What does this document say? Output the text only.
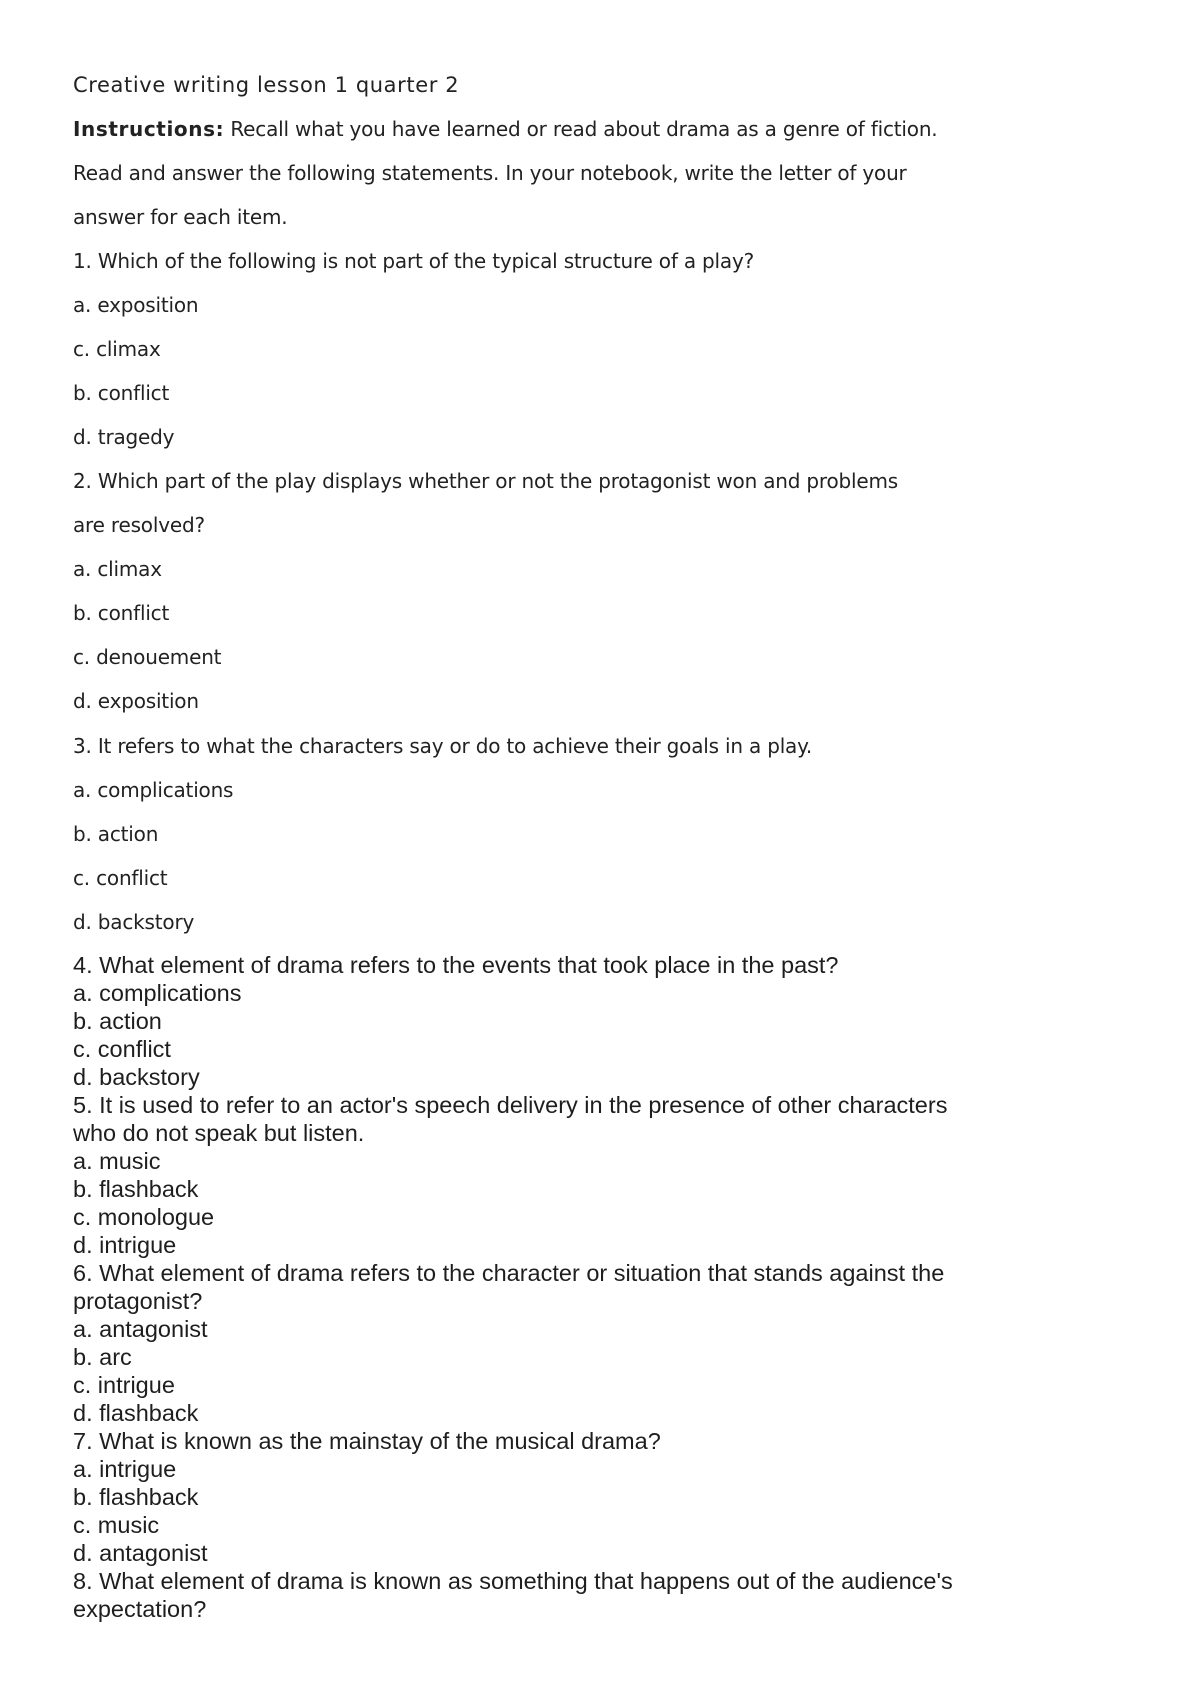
Creative writing lesson 1 quarter 2
Instructions: Recall what you have learned or read about drama as a genre of fiction.
Read and answer the following statements. In your notebook, write the letter of your
answer for each item.
1. Which of the following is not part of the typical structure of a play?
a. exposition
c. climax
b. conflict
d. tragedy
2. Which part of the play displays whether or not the protagonist won and problems
are resolved?
a. climax
b. conflict
c. denouement
d. exposition
3. It refers to what the characters say or do to achieve their goals in a play.
a. complications
b. action
c. conflict
d. backstory
4. What element of drama refers to the events that took place in the past?
a. complications
b. action
c. conflict
d. backstory
5. It is used to refer to an actor's speech delivery in the presence of other characters
who do not speak but listen.
a. music
b. flashback
c. monologue
d. intrigue
6. What element of drama refers to the character or situation that stands against the
protagonist?
a. antagonist
b. arc
c. intrigue
d. flashback
7. What is known as the mainstay of the musical drama?
a. intrigue
b. flashback
c. music
d. antagonist
8. What element of drama is known as something that happens out of the audience's
expectation?
